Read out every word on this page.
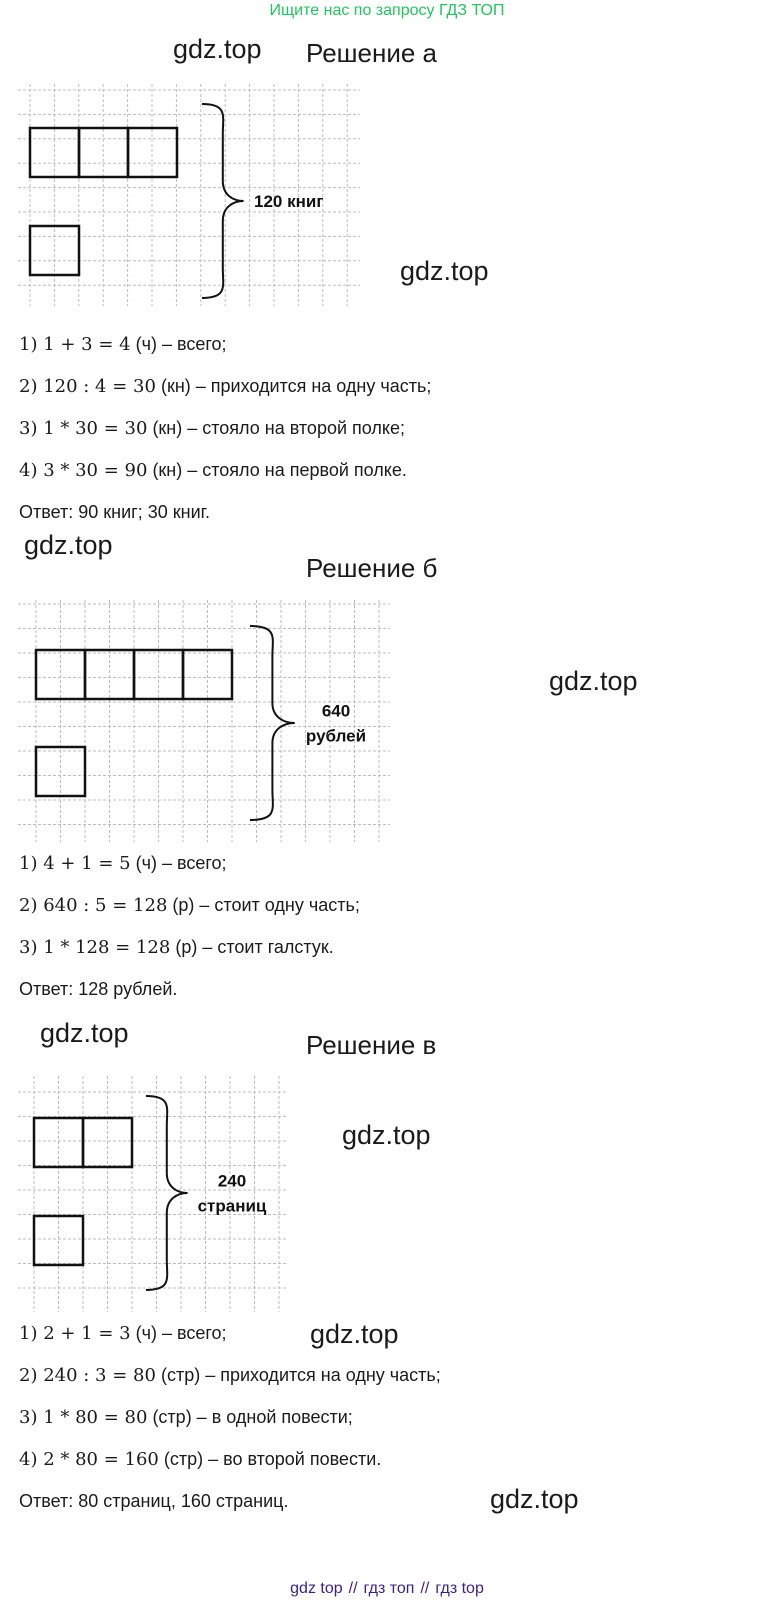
Ищите нас по запросу ГДЗ ТОП
gdz.top
gdz.top
gdz.top
gdz.top
gdz.top
gdz.top
gdz.top
gdz.top
Решение а
120 книг
1) 1 + 3 = 4 (ч) – всего;
2) 120 : 4 = 30 (кн) – приходится на одну часть;
3) 1 * 30 = 30 (кн) – стояло на второй полке;
4) 3 * 30 = 90 (кн) – стояло на первой полке.
Ответ: 90 книг; 30 книг.
Решение б
640
рублей
1) 4 + 1 = 5 (ч) – всего;
2) 640 : 5 = 128 (р) – стоит одну часть;
3) 1 * 128 = 128 (р) – стоит галстук.
Ответ: 128 рублей.
Решение в
240
страниц
1) 2 + 1 = 3 (ч) – всего;
2) 240 : 3 = 80 (стр) – приходится на одну часть;
3) 1 * 80 = 80 (стр) – в одной повести;
4) 2 * 80 = 160 (стр) – во второй повести.
Ответ: 80 страниц, 160 страниц.
gdz top // гдз топ // гдз top
